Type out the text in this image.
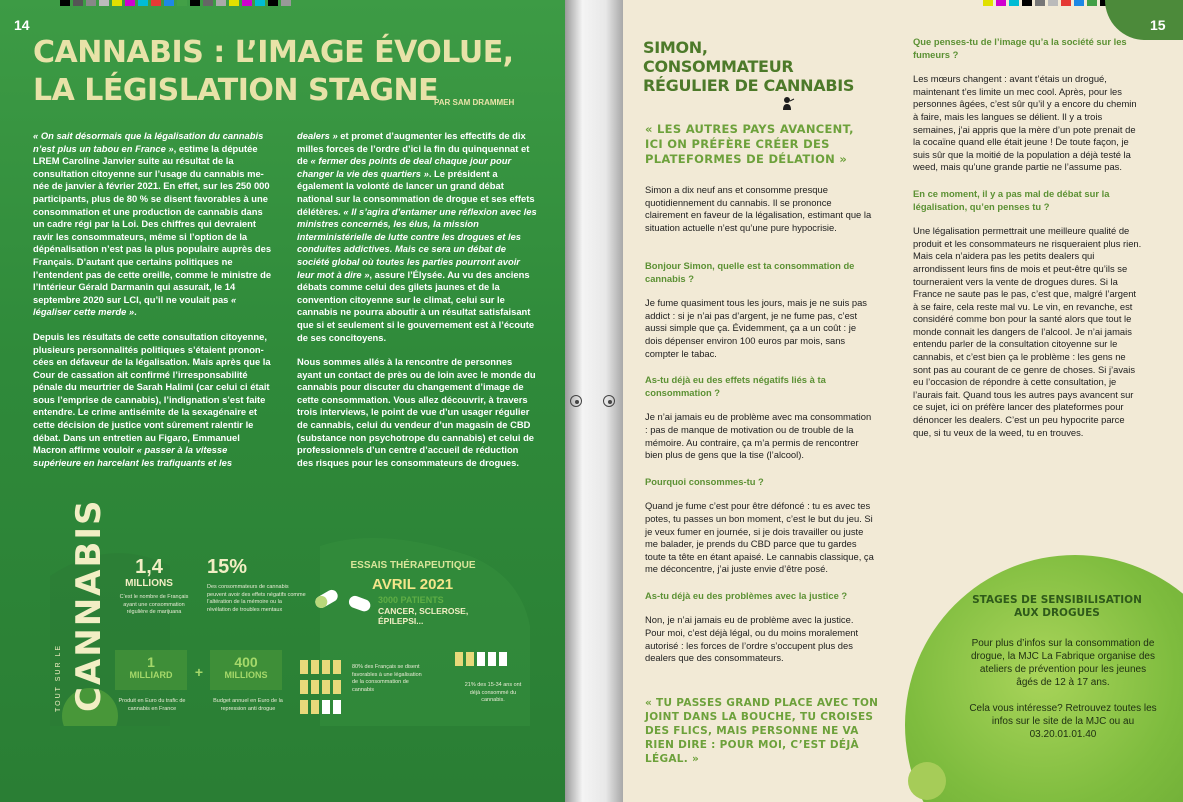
14
CANNABIS : L’IMAGE ÉVOLUE, LA LÉGISLATION STAGNE
PAR SAM DRAMMEH

« On sait désormais que la légalisation du cannabis n’est plus un tabou en France », estime la députée LREM Caroline Janvier suite au résultat de la consultation citoyenne sur l’usage du cannabis menée de janvier à février 2021. En effet, sur les 250 000 participants, plus de 80 % se disent favorables à une consommation et une production de cannabis dans un cadre régi par la Loi. Des chiffres qui devraient ravir les consommateurs, même si l’option de la dépénalisation n’est pas la plus populaire auprès des Français. D’autant que certains politiques ne l’entendent pas de cette oreille, comme le ministre de l’Intérieur Gérald Darmanin qui assurait, le 14 septembre 2020 sur LCI, qu’il ne voulait pas « légaliser cette merde ».

Depuis les résultats de cette consultation citoyenne, plusieurs personnalités politiques s’étaient prononcées en défaveur de la légalisation. Mais après que la Cour de cassation ait confirmé l’irresponsabilité pénale du meurtrier de Sarah Halimi (car celui ci était sous l’emprise de cannabis), l’indignation s’est faite entendre. Le crime antisémite de la sexagénaire et cette décision de justice vont sûrement ralentir le débat. Dans un entretien au Figaro, Emmanuel Macron affirme vouloir « passer à la vitesse supérieure en harcelant les trafiquants et les

dealers » et promet d’augmenter les effectifs de dix milles forces de l’ordre d’ici la fin du quinquennat et de « fermer des points de deal chaque jour pour changer la vie des quartiers ». Le président a également la volonté de lancer un grand débat national sur la consommation de drogue et ses effets délétères. « Il s’agira d’entamer une réflexion avec les ministres concernés, les élus, la mission interministérielle de lutte contre les drogues et les conduites addictives. Mais ce sera un débat de société global où toutes les parties pourront avoir leur mot à dire », assure l’Élysée. Au vu des anciens débats comme celui des gilets jaunes et de la convention citoyenne sur le climat, celui sur le cannabis ne pourra aboutir à un résultat satisfaisant que si et seulement si le gouvernement est à l’écoute de ses concitoyens.

Nous sommes allés à la rencontre de personnes ayant un contact de près ou de loin avec le monde du cannabis pour discuter du changement d’image de cette consommation. Vous allez découvrir, à travers trois interviews, le point de vue d’un usager régulier de cannabis, celui du vendeur d’un magasin de CBD (substance non psychotrope du cannabis) et celui de professionnels d’un centre d’accueil de réduction des risques pour les consommateurs de drogues.

TOUT SUR LE CANNABIS	1,4
MILLIONS
C’est le nombre de Français ayant une consommation régulière de marijuana
15%
Des consommateurs de cannabis peuvent avoir des effets négatifs comme l’altération de la mémoire ou la révélation de troubles mentaux
ESSAIS THÉRAPEUTIQUE
AVRIL 2021
3000 PATIENTS
CANCER, SCLEROSE, ÉPILEPSI...
1
MILLIARD
Produit en Euro du trafic de cannabis en France
+
400
MILLIONS
Budget annuel en Euro de la repression anti drogue
80% des Français se disent favorables à une légalisation de la consommation de cannabis
21% des 15-34 ans ont déjà consommé du cannabis.
15
SIMON, CONSOMMATEUR RÉGULIER DE CANNABIS
« LES AUTRES PAYS AVANCENT, ICI ON PRÉFÈRE CRÉER DES PLATEFORMES DE DÉLATION »
Simon a dix neuf ans et consomme presque quotidiennement du cannabis. Il se prononce clairement en faveur de la légalisation, estimant que la situation actuelle n’est qu’une pure hypocrisie.
Bonjour Simon, quelle est ta consommation de cannabis ?
Je fume quasiment tous les jours, mais je ne suis pas addict : si je n’ai pas d’argent, je ne fume pas, c’est aussi simple que ça. Évidemment, ça a un coût : je dois dépenser environ 100 euros par mois, sans compter le tabac.
As-tu déjà eu des effets négatifs liés à ta consommation ?
Je n’ai jamais eu de problème avec ma consommation : pas de manque de motivation ou de trouble de la mémoire. Au contraire, ça m’a permis de rencontrer bien plus de gens que la tise (l’alcool).
Pourquoi consommes-tu ?
Quand je fume c’est pour être défoncé : tu es avec tes potes, tu passes un bon moment, c’est le but du jeu. Si je veux fumer en journée, si je dois travailler ou juste me balader, je prends du CBD parce que tu gardes toute ta tête en étant apaisé. Le cannabis classique, ça me déconcentre, j’ai juste envie d’être posé.
As-tu déjà eu des problèmes avec la justice ?
Non, je n’ai jamais eu de problème avec la justice. Pour moi, c’est déjà légal, ou du moins moralement autorisé : les forces de l’ordre s’occupent plus des dealers que des consommateurs.
« TU PASSES GRAND PLACE AVEC TON JOINT DANS LA BOUCHE, TU CROISES DES FLICS, MAIS PERSONNE NE VA RIEN DIRE : POUR MOI, C’EST DÉJÀ LÉGAL. »
Que penses-tu de l’image qu’a la société sur les fumeurs ?
Les mœurs changent : avant t’étais un drogué, maintenant t’es limite un mec cool. Après, pour les personnes âgées, c’est sûr qu’il y a encore du chemin à faire, mais les langues se délient. Il y a trois semaines, j’ai appris que la mère d’un pote prenait de la cocaïne quand elle était jeune ! De toute façon, je suis sûr que la moitié de la population a déjà testé la weed, mais qu’une grande partie ne l’assume pas.
En ce moment, il y a pas mal de débat sur la légalisation, qu’en penses tu ?
Une légalisation permettrait une meilleure qualité de produit et les consommateurs ne risqueraient plus rien. Mais cela n’aidera pas les petits dealers qui arrondissent leurs fins de mois et peut-être qu’ils se tourneraient vers la vente de drogues dures. Si la France ne saute pas le pas, c’est que, malgré l’argent à se faire, cela reste mal vu. Le vin, en revanche, est considéré comme bon pour la santé alors que tout le monde connait les dangers de l’alcool. Je n’ai jamais entendu parler de la consultation citoyenne sur le cannabis, et c’est bien ça le problème : les gens ne sont pas au courant de ce genre de choses. Si j’avais eu l’occasion de répondre à cette consultation, je l’aurais fait. Quand tous les autres pays avancent sur ce sujet, ici on préfère lancer des plateformes pour dénoncer les dealers. C’est un peu hypocrite parce que, si tu veux de la weed, tu en trouves.
STAGES DE SENSIBILISATION AUX DROGUES

Pour plus d’infos sur la consommation de drogue, la MJC La Fabrique organise des ateliers de prévention pour les jeunes âgés de 12 à 17 ans.

Cela vous intéresse? Retrouvez toutes les infos sur le site de la MJC ou au 03.20.01.01.40
